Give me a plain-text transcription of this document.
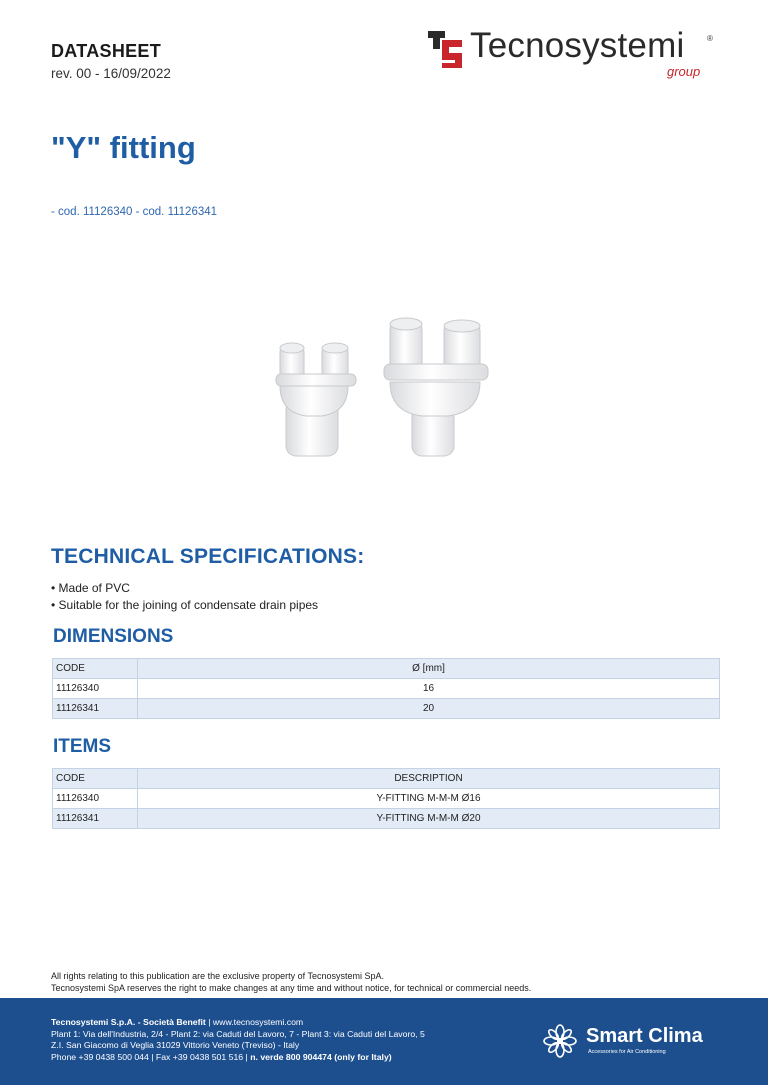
DATASHEET
rev. 00 - 16/09/2022
Tecnosystemi	®
group
"Y" fitting
- cod. 11126340 - cod. 11126341
TECHNICAL SPECIFICATIONS:
• Made of PVC
• Suitable for the joining of condensate drain pipes
DIMENSIONS
CODE	Ø [mm]
11126340	16
11126341	20
ITEMS
CODE	DESCRIPTION
11126340	Y-FITTING M-M-M Ø16
11126341	Y-FITTING M-M-M Ø20
All rights relating to this publication are the exclusive property of Tecnosystemi SpA.
Tecnosystemi SpA reserves the right to make changes at any time and without notice, for technical or commercial needs.
Tecnosystemi S.p.A. - Società Benefit | www.tecnosystemi.com
Plant 1: Via dell'Industria, 2/4 - Plant 2: via Caduti del Lavoro, 7 - Plant 3: via Caduti del Lavoro, 5
Z.I. San Giacomo di Veglia 31029 Vittorio Veneto (Treviso) - Italy
Phone +39 0438 500 044 | Fax +39 0438 501 516 | n. verde 800 904474 (only for Italy)
Smart Clima
Accessories for Air Conditioning
